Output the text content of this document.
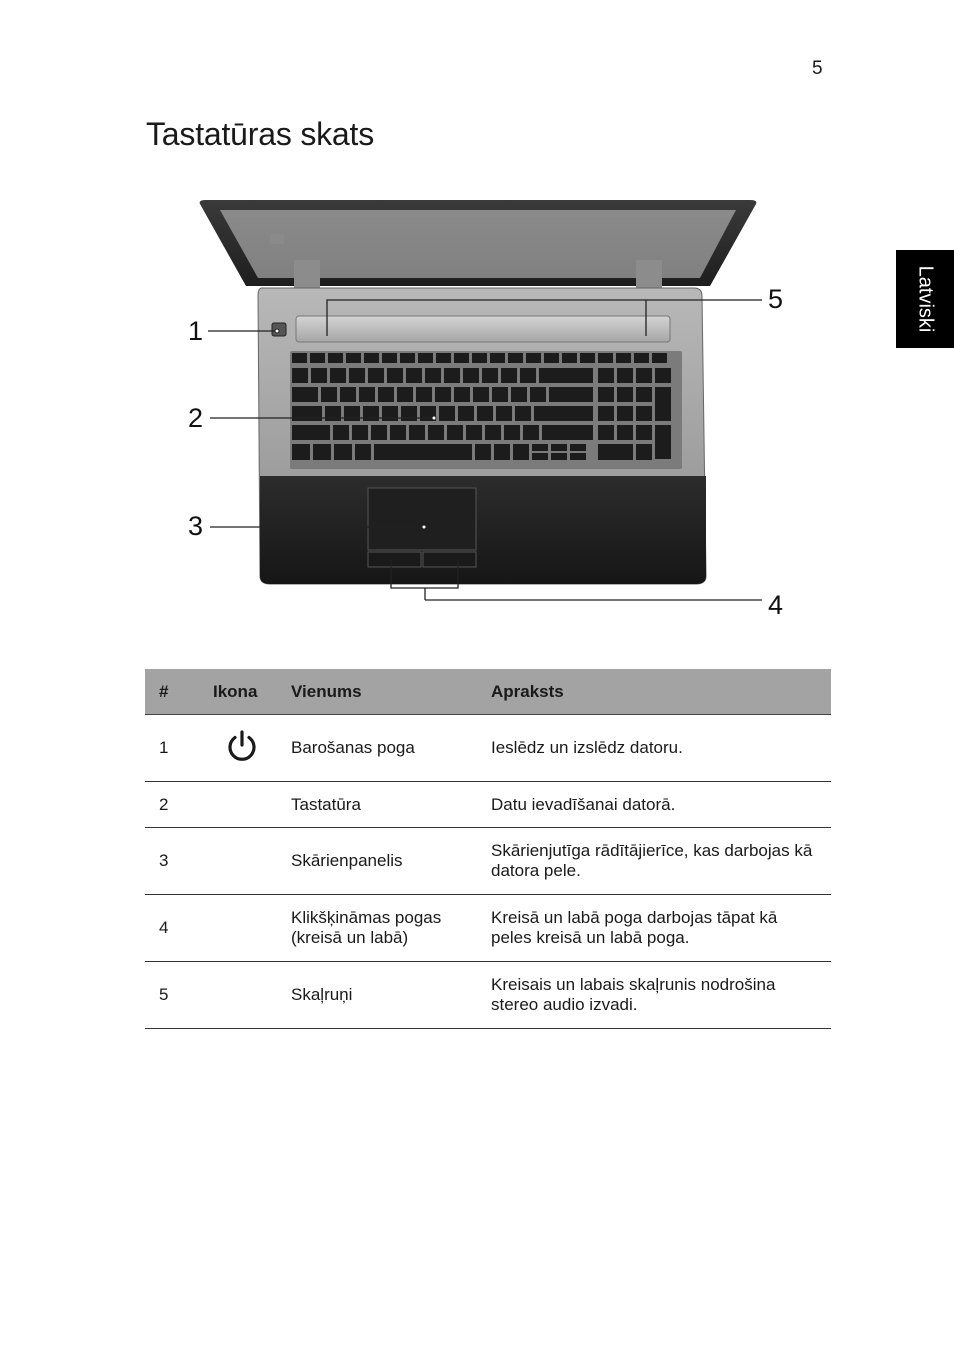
5
Tastatūras skats
Latviski
1
2
3
4
5
#	Ikona	Vienums	Apraksts
1		Barošanas poga	Ieslēdz un izslēdz datoru.
2		Tastatūra	Datu ievadīšanai datorā.
3		Skārienpanelis	Skārienjutīga rādītājierīce, kas darbojas kā datora pele.
4		Klikšķināmas pogas (kreisā un labā)	Kreisā un labā poga darbojas tāpat kā peles kreisā un labā poga.
5		Skaļruņi	Kreisais un labais skaļrunis nodrošina stereo audio izvadi.
